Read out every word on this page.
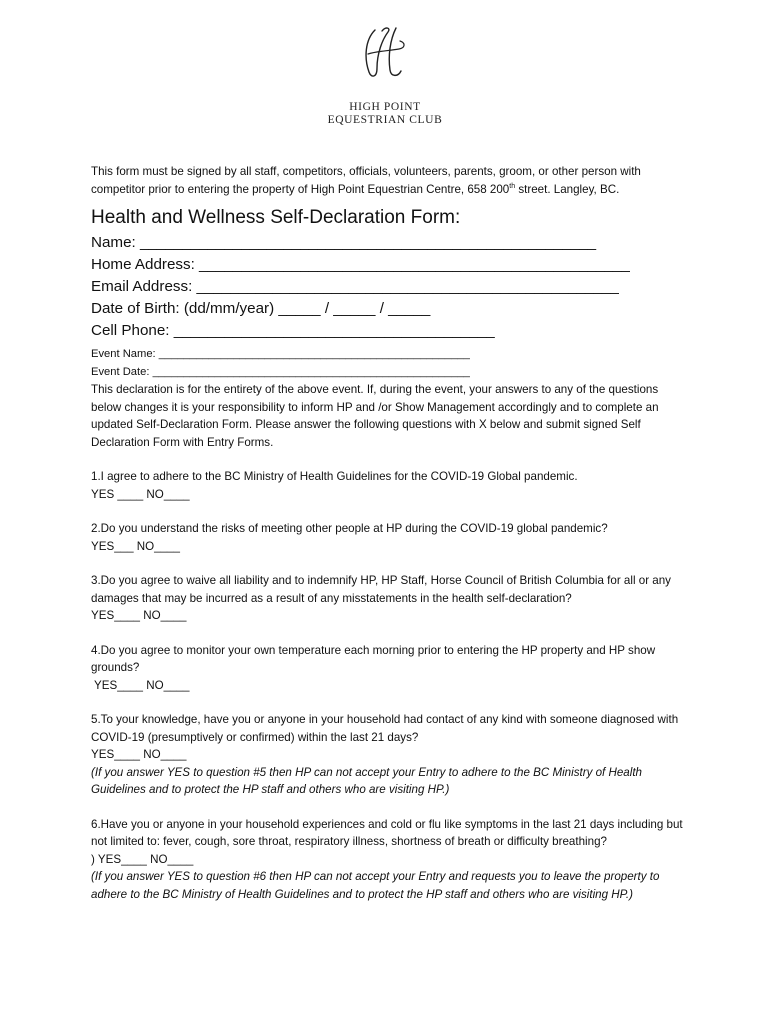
HIGH POINT
EQUESTRIAN CLUB

This form must be signed by all staff, competitors, officials, volunteers, parents, groom, or other person with competitor prior to entering the property of High Point Equestrian Centre, 658 200th street. Langley, BC.

Health and Wellness Self-Declaration Form:
Name: ______________________________________________________
Home Address: ___________________________________________________
Email Address: __________________________________________________
Date of Birth: (dd/mm/year) _____ / _____ / _____
Cell Phone: ______________________________________
Event Name: __________________________________________________
Event Date: ___________________________________________________

This declaration is for the entirety of the above event. If, during the event, your answers to any of the questions below changes it is your responsibility to inform HP and /or Show Management accordingly and to complete an updated Self-Declaration Form. Please answer the following questions with X below and submit signed Self Declaration Form with Entry Forms.

1.I agree to adhere to the BC Ministry of Health Guidelines for the COVID-19 Global pandemic.
YES ____ NO____
2.Do you understand the risks of meeting other people at HP during the COVID-19 global pandemic?
YES___ NO____
3.Do you agree to waive all liability and to indemnify HP, HP Staff, Horse Council of British Columbia for all or any damages that may be incurred as a result of any misstatements in the health self-declaration?
YES____ NO____
4.Do you agree to monitor your own temperature each morning prior to entering the HP property and HP show grounds?
YES____ NO____
5.To your knowledge, have you or anyone in your household had contact of any kind with someone diagnosed with COVID-19 (presumptively or confirmed) within the last 21 days?
YES____ NO____
(If you answer YES to question #5 then HP can not accept your Entry to adhere to the BC Ministry of Health Guidelines and to protect the HP staff and others who are visiting HP.)
6.Have you or anyone in your household experiences and cold or flu like symptoms in the last 21 days including but not limited to: fever, cough, sore throat, respiratory illness, shortness of breath or difficulty breathing?
) YES____ NO____
(If you answer YES to question #6 then HP can not accept your Entry and requests you to leave the property to adhere to the BC Ministry of Health Guidelines and to protect the HP staff and others who are visiting HP.)
